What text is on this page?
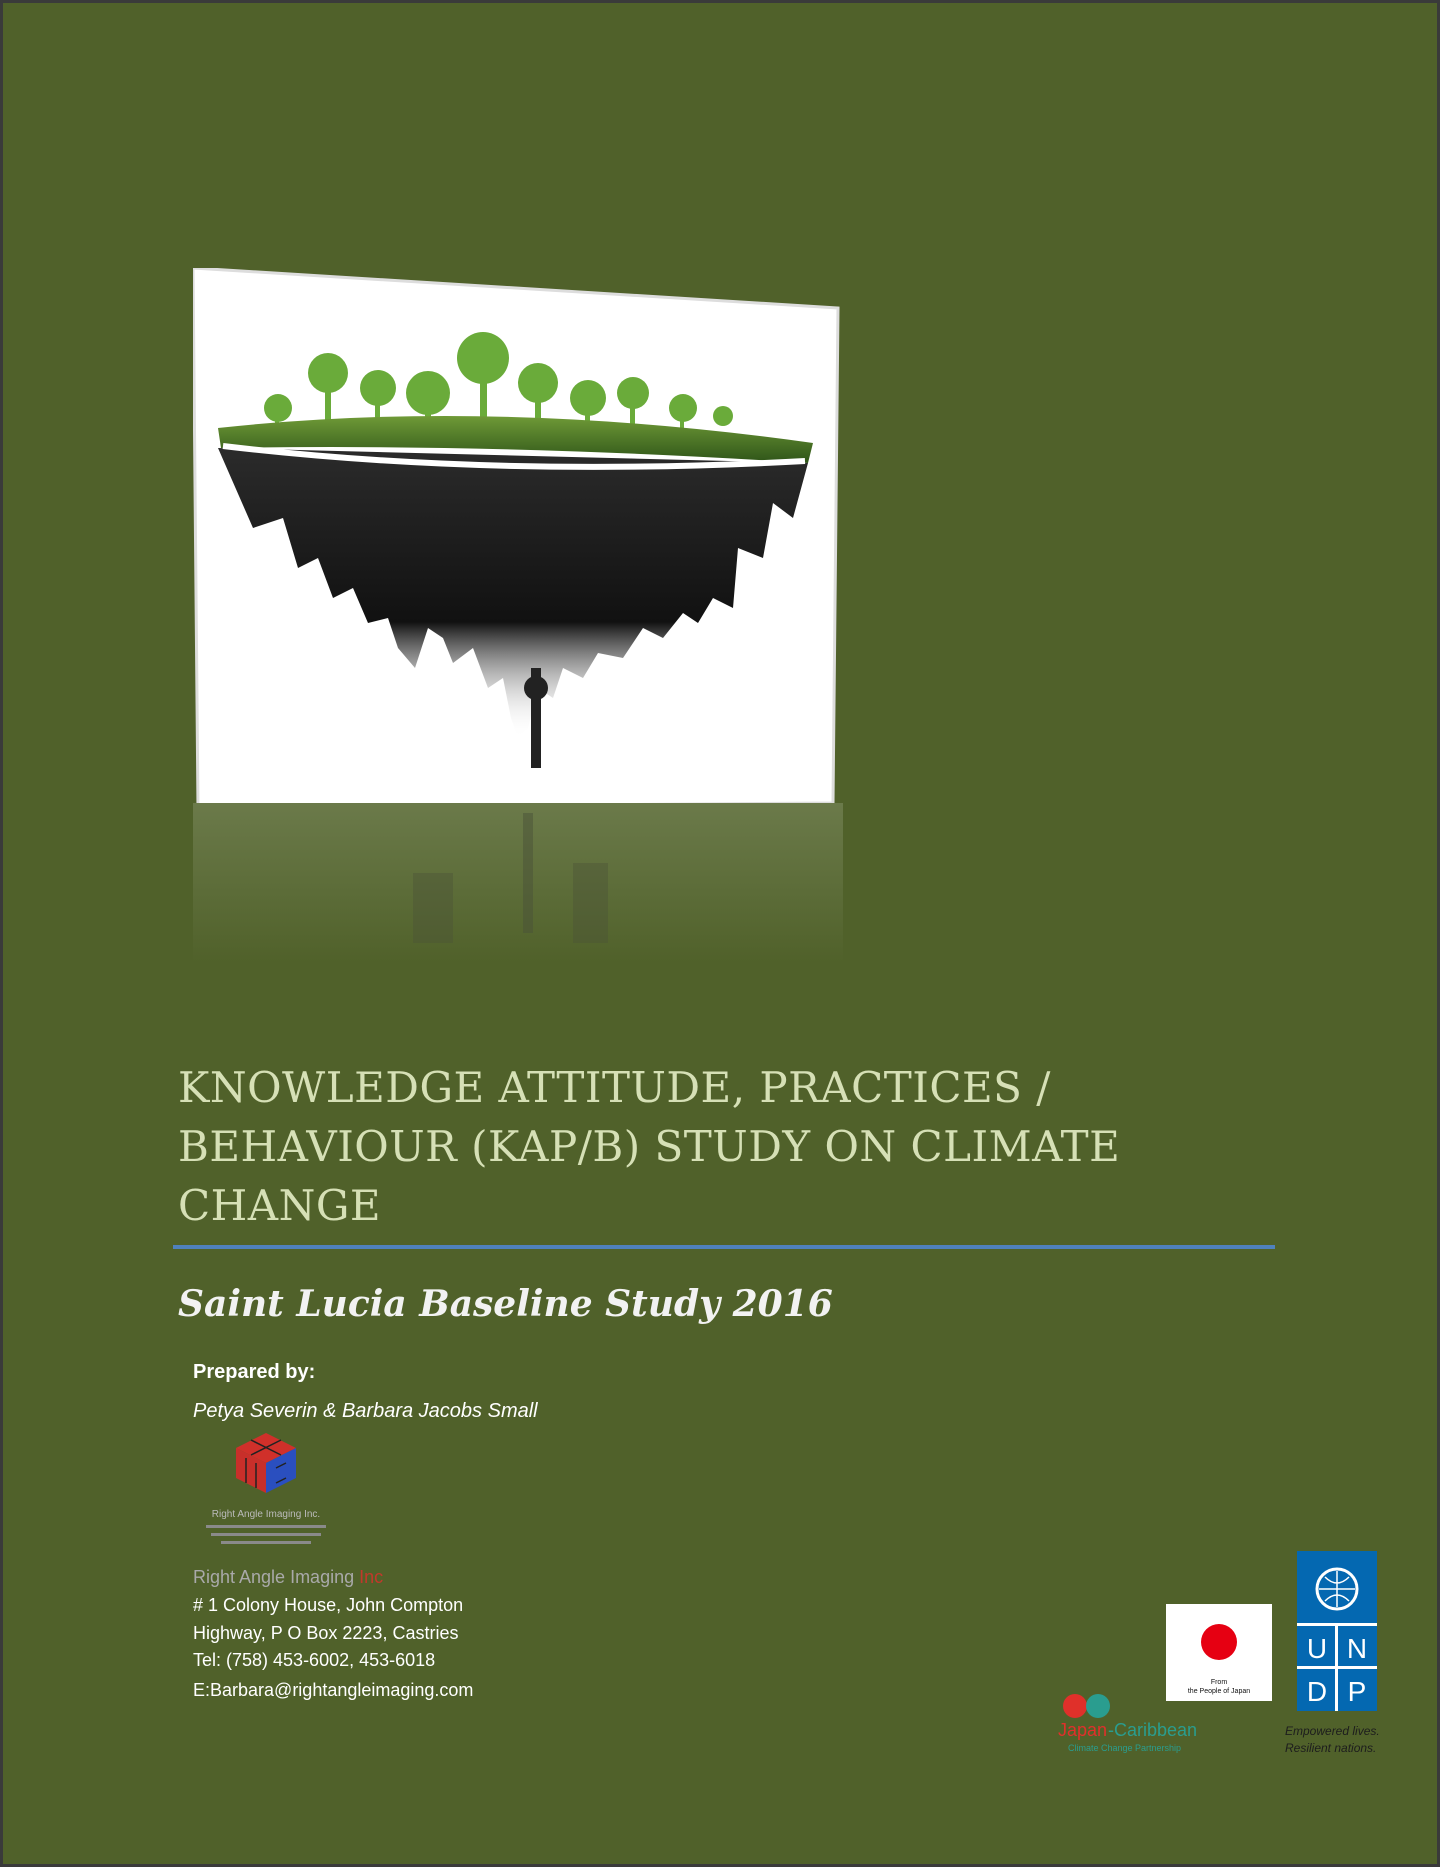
KNOWLEDGE ATTITUDE, PRACTICES /
BEHAVIOUR (KAP/B) STUDY ON CLIMATE
CHANGE
Saint Lucia Baseline Study 2016
Prepared by:
Petya Severin & Barbara Jacobs Small
Right Angle Imaging Inc.
Right Angle Imaging Inc
# 1 Colony House, John Compton
Highway, P O Box 2223, Castries
Tel: (758) 453-6002, 453-6018
E:Barbara@rightangleimaging.com
Japan -Caribbean
Climate Change Partnership
From
the People of Japan
U N
D P
Empowered lives.
Resilient nations.
